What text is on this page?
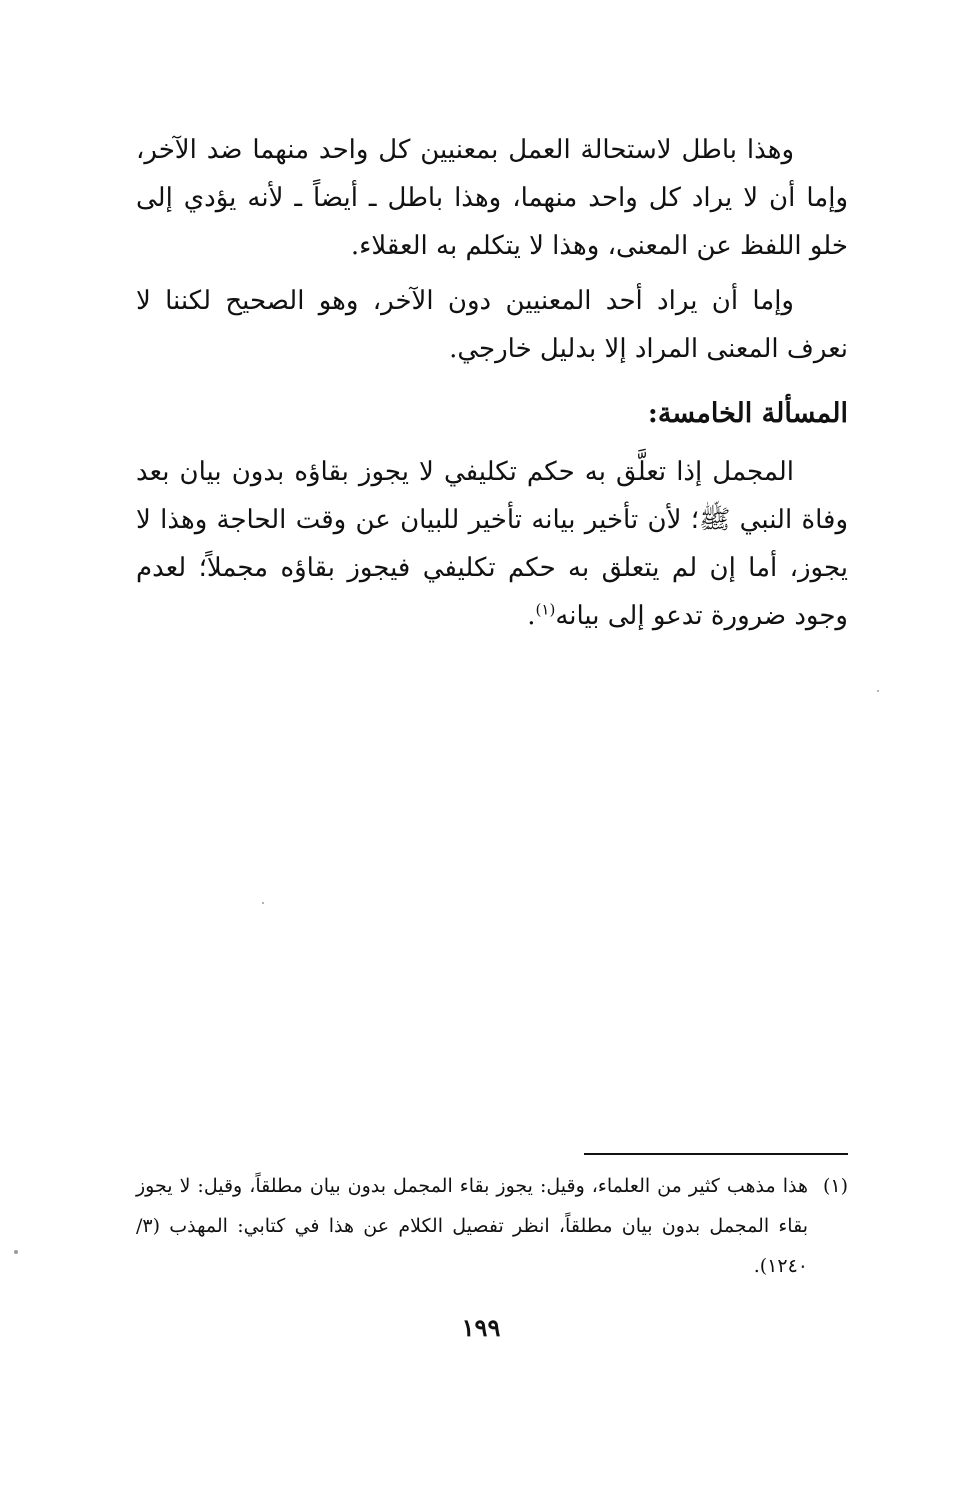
وهذا باطل لاستحالة العمل بمعنيين كل واحد منهما ضد الآخر، وإما أن لا يراد كل واحد منهما، وهذا باطل ـ أيضاً ـ لأنه يؤدي إلى خلو اللفظ عن المعنى، وهذا لا يتكلم به العقلاء.

وإما أن يراد أحد المعنيين دون الآخر، وهو الصحيح لكننا لا نعرف المعنى المراد إلا بدليل خارجي.

المسألة الخامسة:

المجمل إذا تعلَّق به حكم تكليفي لا يجوز بقاؤه بدون بيان بعد وفاة النبي ﷺ؛ لأن تأخير بيانه تأخير للبيان عن وقت الحاجة وهذا لا يجوز، أما إن لم يتعلق به حكم تكليفي فيجوز بقاؤه مجملاً؛ لعدم وجود ضرورة تدعو إلى بيانه$^{(١)}$.

(١)
هذا مذهب كثير من العلماء، وقيل: يجوز بقاء المجمل بدون بيان مطلقاً، وقيل: لا يجوز بقاء المجمل بدون بيان مطلقاً، انظر تفصيل الكلام عن هذا في كتابي: المهذب (٣/ ١٢٤٠).
١٩٩
